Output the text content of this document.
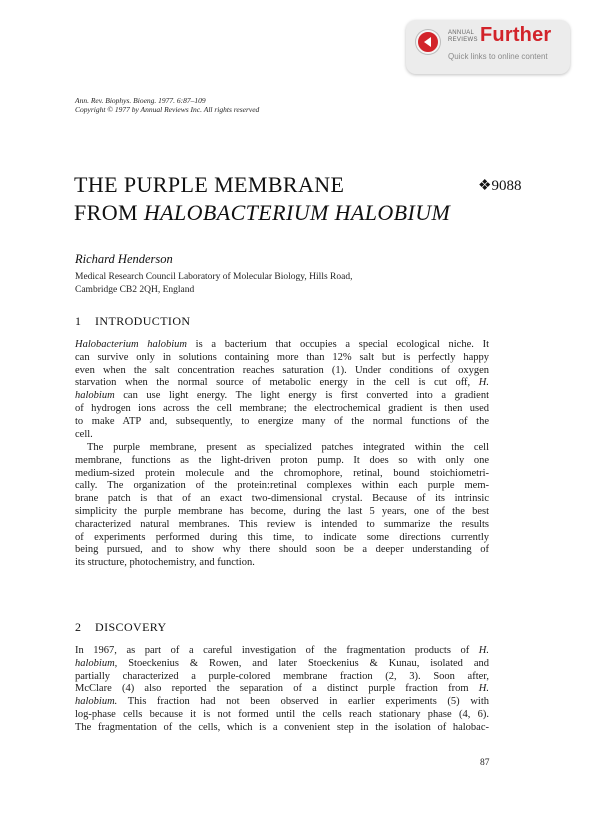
ANNUAL
REVIEWS Further
Quick links to online content
Ann. Rev. Biophys. Bioeng. 1977. 6:87–109
Copyright © 1977 by Annual Reviews Inc. All rights reserved
THE PURPLE MEMBRANE
FROM HALOBACTERIUM HALOBIUM
❖9088
Richard Henderson
Medical Research Council Laboratory of Molecular Biology, Hills Road,
Cambridge CB2 2QH, England
1 INTRODUCTION
Halobacterium halobium is a bacterium that occupies a special ecological niche. It
can survive only in solutions containing more than 12% salt but is perfectly happy
even when the salt concentration reaches saturation (1). Under conditions of oxygen
starvation when the normal source of metabolic energy in the cell is cut off, H.
halobium can use light energy. The light energy is first converted into a gradient
of hydrogen ions across the cell membrane; the electrochemical gradient is then used
to make ATP and, subsequently, to energize many of the normal functions of the
cell.
The purple membrane, present as specialized patches integrated within the cell
membrane, functions as the light-driven proton pump. It does so with only one
medium-sized protein molecule and the chromophore, retinal, bound stoichiometri-
cally. The organization of the protein:retinal complexes within each purple mem-
brane patch is that of an exact two-dimensional crystal. Because of its intrinsic
simplicity the purple membrane has become, during the last 5 years, one of the best
characterized natural membranes. This review is intended to summarize the results
of experiments performed during this time, to indicate some directions currently
being pursued, and to show why there should soon be a deeper understanding of
its structure, photochemistry, and function.
2 DISCOVERY
In 1967, as part of a careful investigation of the fragmentation products of H.
halobium, Stoeckenius & Rowen, and later Stoeckenius & Kunau, isolated and
partially characterized a purple-colored membrane fraction (2, 3). Soon after,
McClare (4) also reported the separation of a distinct purple fraction from H.
halobium. This fraction had not been observed in earlier experiments (5) with
log-phase cells because it is not formed until the cells reach stationary phase (4, 6).
The fragmentation of the cells, which is a convenient step in the isolation of halobac-
87
